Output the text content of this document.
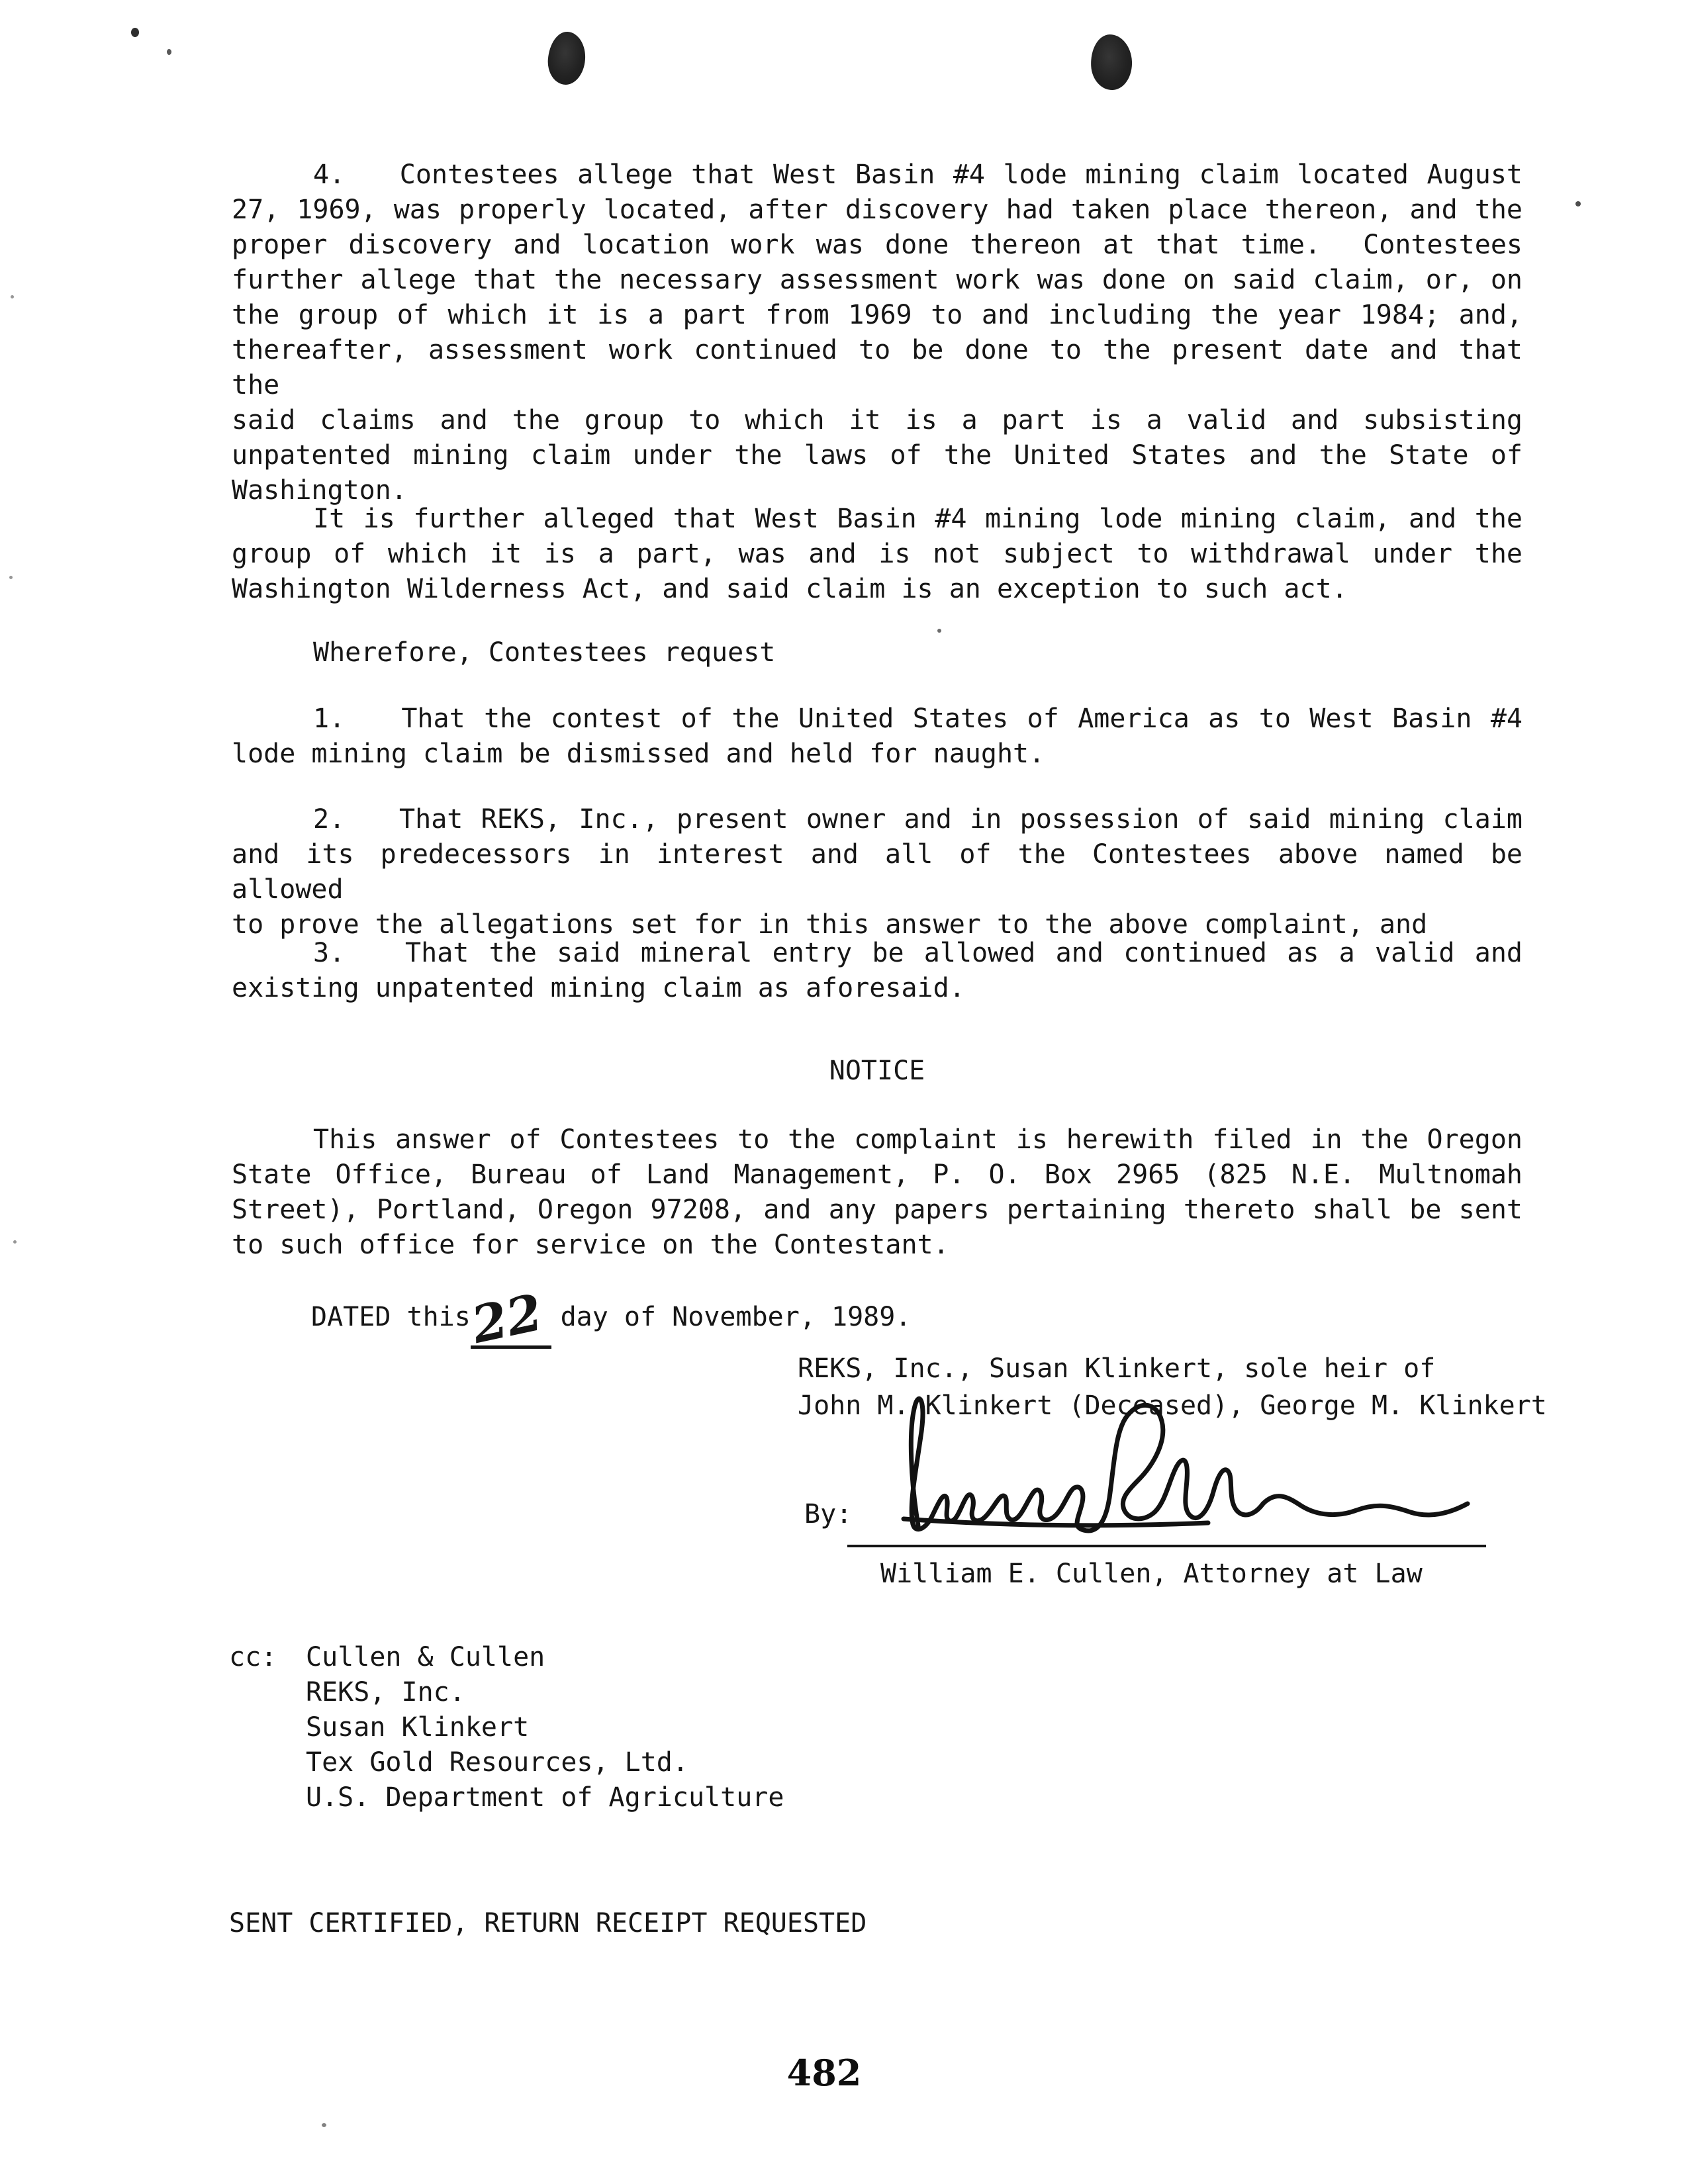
4.   Contestees allege that West Basin #4 lode mining claim located August
27, 1969, was properly located, after discovery had taken place thereon, and the
proper discovery and location work was done thereon at that time.  Contestees
further allege that the necessary assessment work was done on said claim, or, on
the group of which it is a part from 1969 to and including the year 1984; and,
thereafter, assessment work continued to be done to the present date and that the
said claims and the group to which it is a part is a valid and subsisting
unpatented mining claim under the laws of the United States and the State of
Washington.
It is further alleged that West Basin #4 mining lode mining claim, and the
group of which it is a part, was and is not subject to withdrawal under the
Washington Wilderness Act, and said claim is an exception to such act.
Wherefore, Contestees request
1.   That the contest of the United States of America as to West Basin #4
lode mining claim be dismissed and held for naught.
2.   That REKS, Inc., present owner and in possession of said mining claim
and its predecessors in interest and all of the Contestees above named be allowed
to prove the allegations set for in this answer to the above complaint, and
3.   That the said mineral entry be allowed and continued as a valid and
existing unpatented mining claim as aforesaid.
NOTICE
This answer of Contestees to the complaint is herewith filed in the Oregon
State Office, Bureau of Land Management, P. O. Box 2965 (825 N.E. Multnomah
Street), Portland, Oregon 97208, and any papers pertaining thereto shall be sent
to such office for service on the Contestant.
DATED this22 day of November, 1989.
REKS, Inc., Susan Klinkert, sole heir of
John M. Klinkert (Deceased), George M. Klinkert
By:
William E. Cullen, Attorney at Law
cc: Cullen & Cullen
REKS, Inc.
Susan Klinkert
Tex Gold Resources, Ltd.
U.S. Department of Agriculture
SENT CERTIFIED, RETURN RECEIPT REQUESTED
482
